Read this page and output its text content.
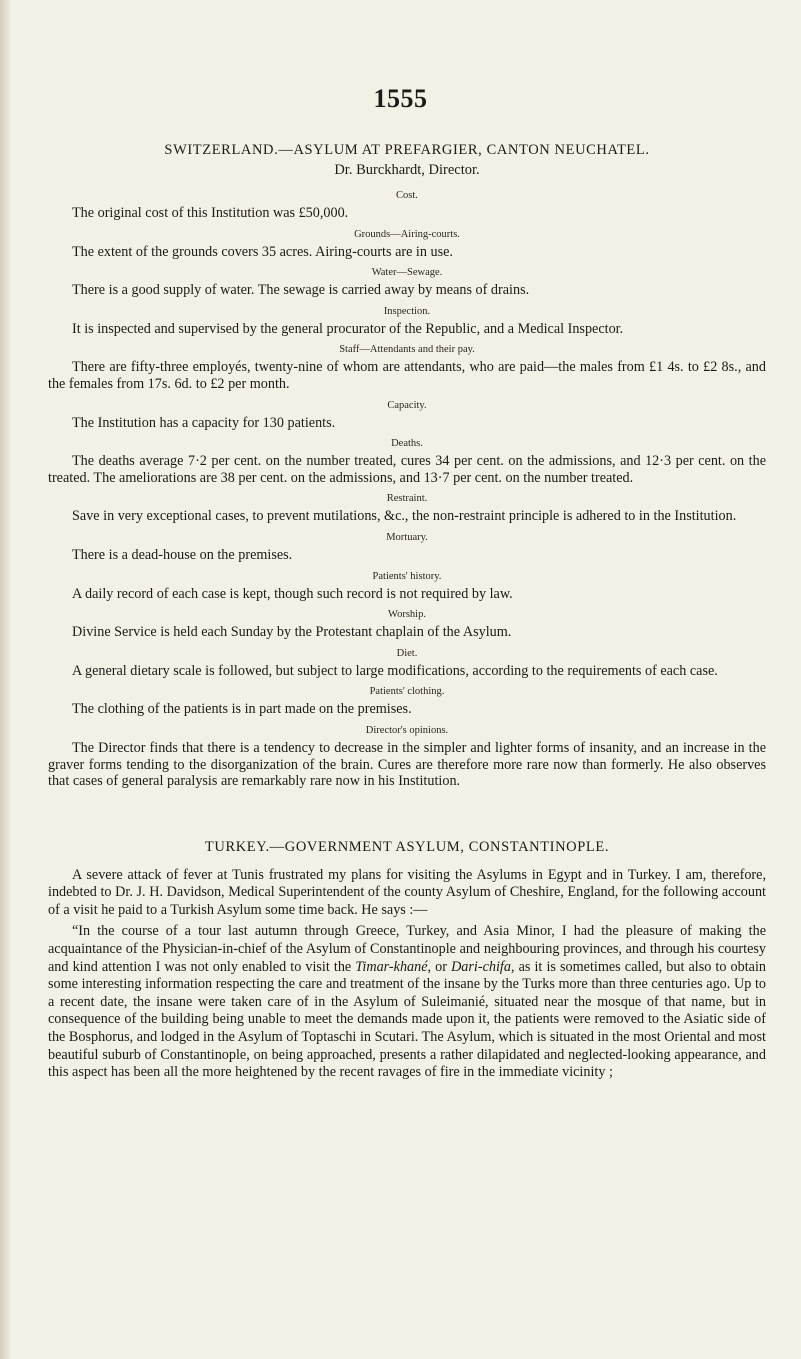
1555

SWITZERLAND.—ASYLUM AT PREFARGIER, CANTON NEUCHATEL.

Dr. Burckhardt, Director.

Cost.

The original cost of this Institution was £50,000.

Grounds—Airing-courts.

The extent of the grounds covers 35 acres. Airing-courts are in use.

Water—Sewage.

There is a good supply of water. The sewage is carried away by means of drains.

Inspection.

It is inspected and supervised by the general procurator of the Republic, and a Medical Inspector.

Staff—Attendants and their pay.

There are fifty-three employés, twenty-nine of whom are attendants, who are paid—the males from £1 4s. to £2 8s., and the females from 17s. 6d. to £2 per month.

Capacity.

The Institution has a capacity for 130 patients.

Deaths.

The deaths average 7·2 per cent. on the number treated, cures 34 per cent. on the admissions, and 12·3 per cent. on the treated. The ameliorations are 38 per cent. on the admissions, and 13·7 per cent. on the number treated.

Restraint.

Save in very exceptional cases, to prevent mutilations, &c., the non-restraint principle is adhered to in the Institution.

Mortuary.

There is a dead-house on the premises.

Patients' history.

A daily record of each case is kept, though such record is not required by law.

Worship.

Divine Service is held each Sunday by the Protestant chaplain of the Asylum.

Diet.

A general dietary scale is followed, but subject to large modifications, according to the requirements of each case.

Patients' clothing.

The clothing of the patients is in part made on the premises.

Director's opinions.

The Director finds that there is a tendency to decrease in the simpler and lighter forms of insanity, and an increase in the graver forms tending to the disorganization of the brain. Cures are therefore more rare now than formerly. He also observes that cases of general paralysis are remarkably rare now in his Institution.

TURKEY.—GOVERNMENT ASYLUM, CONSTANTINOPLE.

A severe attack of fever at Tunis frustrated my plans for visiting the Asylums in Egypt and in Turkey. I am, therefore, indebted to Dr. J. H. Davidson, Medical Superintendent of the county Asylum of Cheshire, England, for the following account of a visit he paid to a Turkish Asylum some time back. He says :—

“In the course of a tour last autumn through Greece, Turkey, and Asia Minor, I had the pleasure of making the acquaintance of the Physician-in-chief of the Asylum of Constantinople and neighbouring provinces, and through his courtesy and kind attention I was not only enabled to visit the Timar-khané, or Dari-chifa, as it is sometimes called, but also to obtain some interesting information respecting the care and treatment of the insane by the Turks more than three centuries ago. Up to a recent date, the insane were taken care of in the Asylum of Suleimanié, situated near the mosque of that name, but in consequence of the building being unable to meet the demands made upon it, the patients were removed to the Asiatic side of the Bosphorus, and lodged in the Asylum of Toptaschi in Scutari. The Asylum, which is situated in the most Oriental and most beautiful suburb of Constantinople, on being approached, presents a rather dilapidated and neglected-looking appearance, and this aspect has been all the more heightened by the recent ravages of fire in the immediate vicinity ;
